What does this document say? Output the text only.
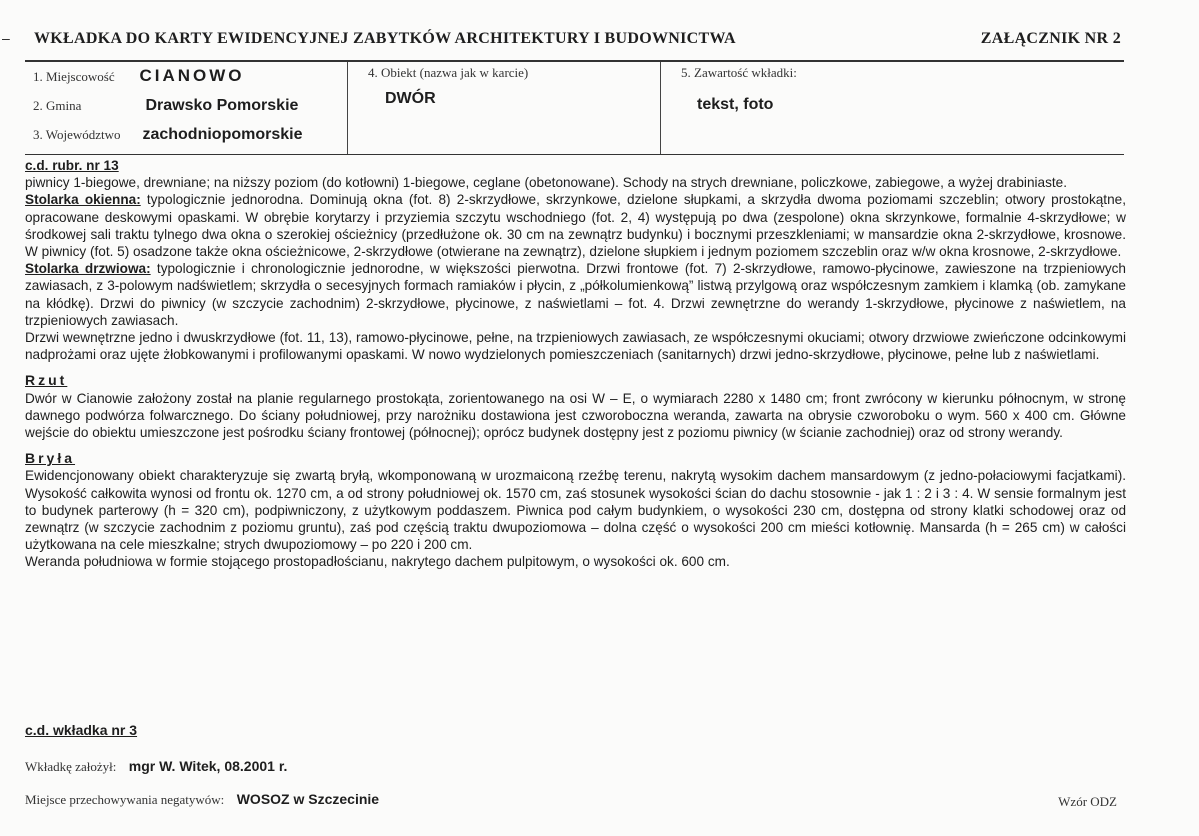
– WKŁADKA DO KARTY EWIDENCYJNEJ ZABYTKÓW ARCHITEKTURY I BUDOWNICTWA	ZAŁĄCZNIK NR 2
1. Miejscowość CIANOWO
2. Gmina	Drawsko Pomorskie
3. Województwo zachodniopomorskie
4. Obiekt (nazwa jak w karcie)
DWÓR
5. Zawartość wkładki:
tekst, foto

c.d. rubr. nr 13

piwnicy 1-biegowe, drewniane; na niższy poziom (do kotłowni) 1-biegowe, ceglane (obetonowane). Schody na strych drewniane, policzkowe, zabiegowe, a wyżej drabiniaste.

Stolarka okienna: typologicznie jednorodna. Dominują okna (fot. 8) 2-skrzydłowe, skrzynkowe, dzielone słupkami, a skrzydła dwoma poziomami szczeblin; otwory prostokątne, opracowane deskowymi opaskami. W obrębie korytarzy i przyziemia szczytu wschodniego (fot. 2, 4) występują po dwa (zespolone) okna skrzynkowe, formalnie 4-skrzydłowe; w środkowej sali traktu tylnego dwa okna o szerokiej ościeżnicy (przedłużone ok. 30 cm na zewnątrz budynku) i bocznymi przeszkleniami; w mansardzie okna 2-skrzydłowe, krosnowe. W piwnicy (fot. 5) osadzone także okna ościeżnicowe, 2-skrzydłowe (otwierane na zewnątrz), dzielone słupkiem i jednym poziomem szczeblin oraz w/w okna krosnowe, 2-skrzydłowe.

Stolarka drzwiowa: typologicznie i chronologicznie jednorodne, w większości pierwotna. Drzwi frontowe (fot. 7) 2-skrzydłowe, ramowo-płycinowe, zawieszone na trzpieniowych zawiasach, z 3-polowym nadświetlem; skrzydła o secesyjnych formach ramiaków i płycin, z „półkolumienkową” listwą przylgową oraz współczesnym zamkiem i klamką (ob. zamykane na kłódkę). Drzwi do piwnicy (w szczycie zachodnim) 2-skrzydłowe, płycinowe, z naświetlami – fot. 4. Drzwi zewnętrzne do werandy 1-skrzydłowe, płycinowe z naświetlem, na trzpieniowych zawiasach.

Drzwi wewnętrzne jedno i dwuskrzydłowe (fot. 11, 13), ramowo-płycinowe, pełne, na trzpieniowych zawiasach, ze współczesnymi okuciami; otwory drzwiowe zwieńczone odcinkowymi nadprożami oraz ujęte żłobkowanymi i profilowanymi opaskami. W nowo wydzielonych pomieszczeniach (sanitarnych) drzwi jedno-skrzydłowe, płycinowe, pełne lub z naświetlami.

Rzut

Dwór w Cianowie założony został na planie regularnego prostokąta, zorientowanego na osi W – E, o wymiarach 2280 x 1480 cm; front zwrócony w kierunku północnym, w stronę dawnego podwórza folwarcznego. Do ściany południowej, przy narożniku dostawiona jest czworoboczna weranda, zawarta na obrysie czworoboku o wym. 560 x 400 cm. Główne wejście do obiektu umieszczone jest pośrodku ściany frontowej (północnej); oprócz budynek dostępny jest z poziomu piwnicy (w ścianie zachodniej) oraz od strony werandy.

Bryła

Ewidencjonowany obiekt charakteryzuje się zwartą bryłą, wkomponowaną w urozmaiconą rzeźbę terenu, nakrytą wysokim dachem mansardowym (z jedno-połaciowymi facjatkami). Wysokość całkowita wynosi od frontu ok. 1270 cm, a od strony południowej ok. 1570 cm, zaś stosunek wysokości ścian do dachu stosownie - jak 1 : 2 i 3 : 4. W sensie formalnym jest to budynek parterowy (h = 320 cm), podpiwniczony, z użytkowym poddaszem. Piwnica pod całym budynkiem, o wysokości 230 cm, dostępna od strony klatki schodowej oraz od zewnątrz (w szczycie zachodnim z poziomu gruntu), zaś pod częścią traktu dwupoziomowa – dolna część o wysokości 200 cm mieści kotłownię. Mansarda (h = 265 cm) w całości użytkowana na cele mieszkalne; strych dwupoziomowy – po 220 i 200 cm.

Weranda południowa w formie stojącego prostopadłościanu, nakrytego dachem pulpitowym, o wysokości ok. 600 cm.

c.d. wkładka nr 3
Wkładkę założył: mgr W. Witek, 08.2001 r.
Miejsce przechowywania negatywów: WOSOZ w Szczecinie	Wzór ODZ
